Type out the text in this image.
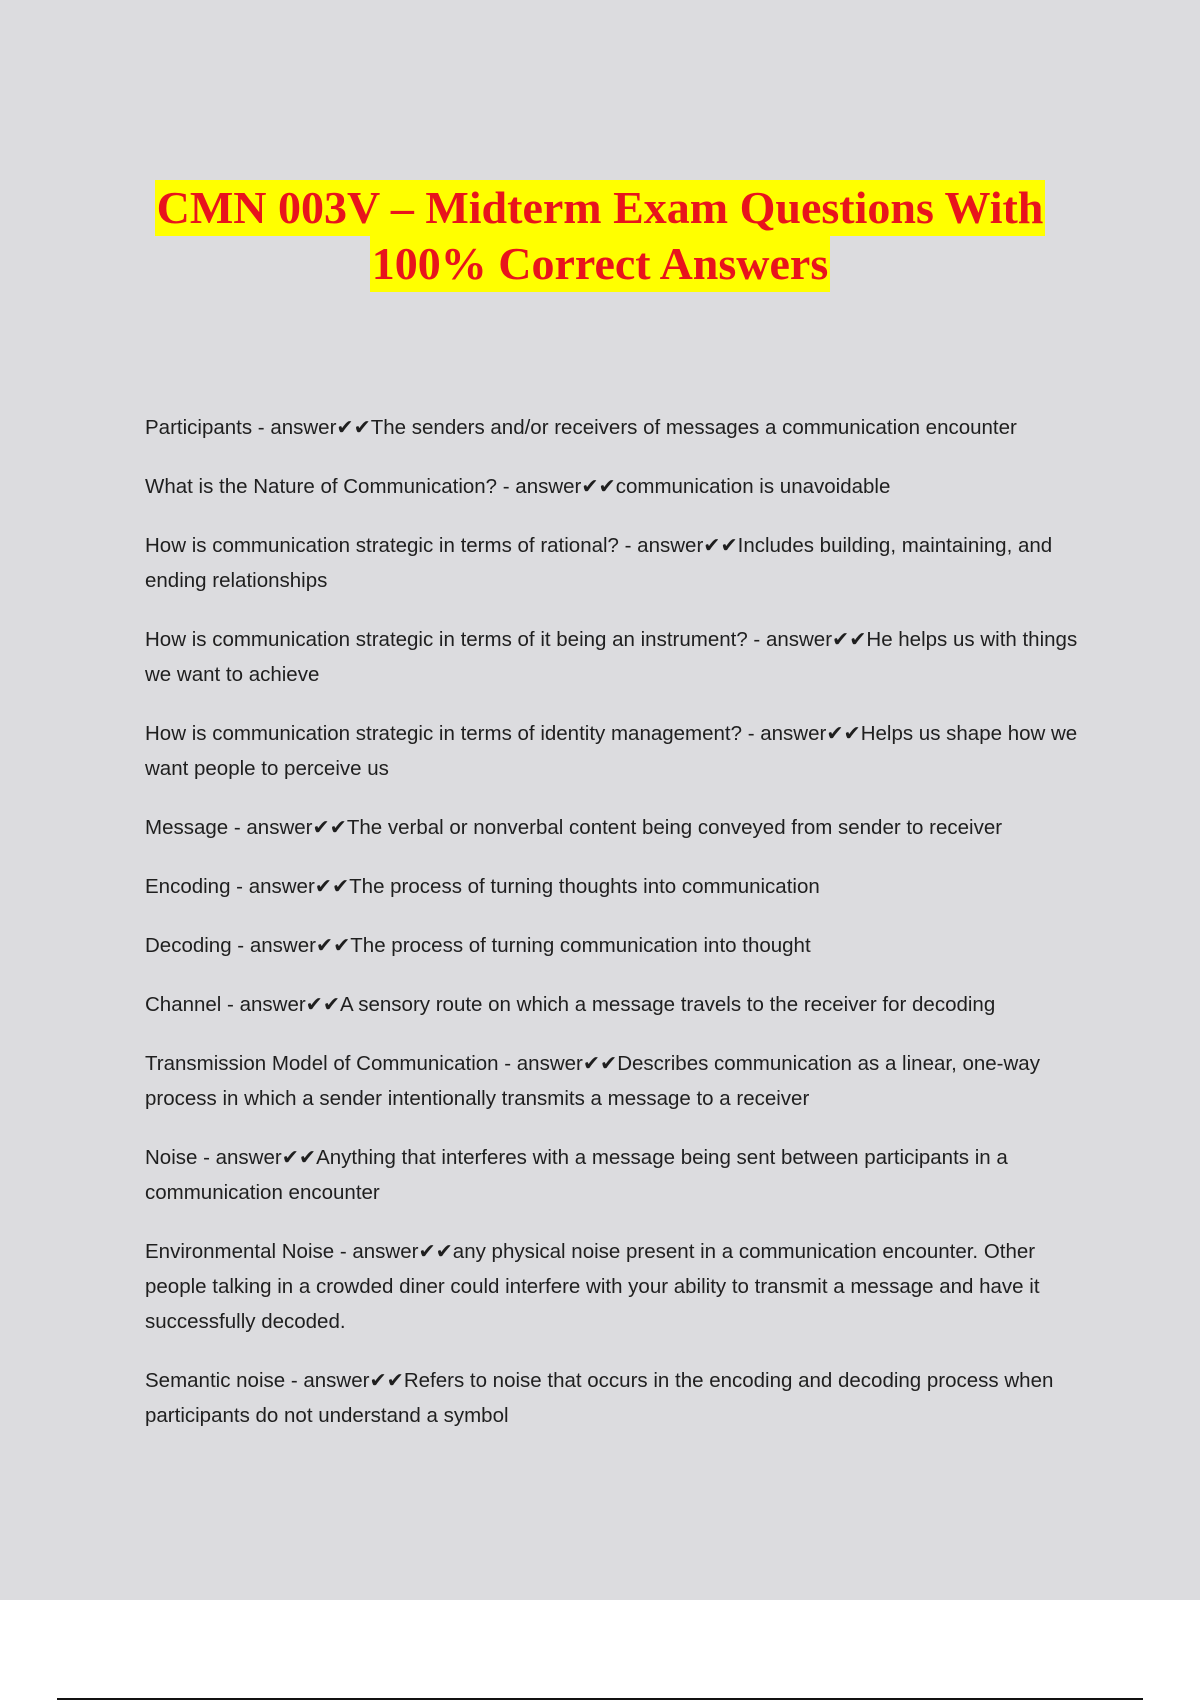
CMN 003V – Midterm Exam Questions With
100% Correct Answers

Participants - answer✔✔The senders and/or receivers of messages a communication encounter

What is the Nature of Communication? - answer✔✔communication is unavoidable

How is communication strategic in terms of rational? - answer✔✔Includes building, maintaining, and ending relationships

How is communication strategic in terms of it being an instrument? - answer✔✔He helps us with things we want to achieve

How is communication strategic in terms of identity management? - answer✔✔Helps us shape how we want people to perceive us

Message - answer✔✔The verbal or nonverbal content being conveyed from sender to receiver

Encoding - answer✔✔The process of turning thoughts into communication

Decoding - answer✔✔The process of turning communication into thought

Channel - answer✔✔A sensory route on which a message travels to the receiver for decoding

Transmission Model of Communication - answer✔✔Describes communication as a linear, one-way process in which a sender intentionally transmits a message to a receiver

Noise - answer✔✔Anything that interferes with a message being sent between participants in a communication encounter

Environmental Noise - answer✔✔any physical noise present in a communication encounter. Other people talking in a crowded diner could interfere with your ability to transmit a message and have it successfully decoded.

Semantic noise - answer✔✔Refers to noise that occurs in the encoding and decoding process when participants do not understand a symbol
